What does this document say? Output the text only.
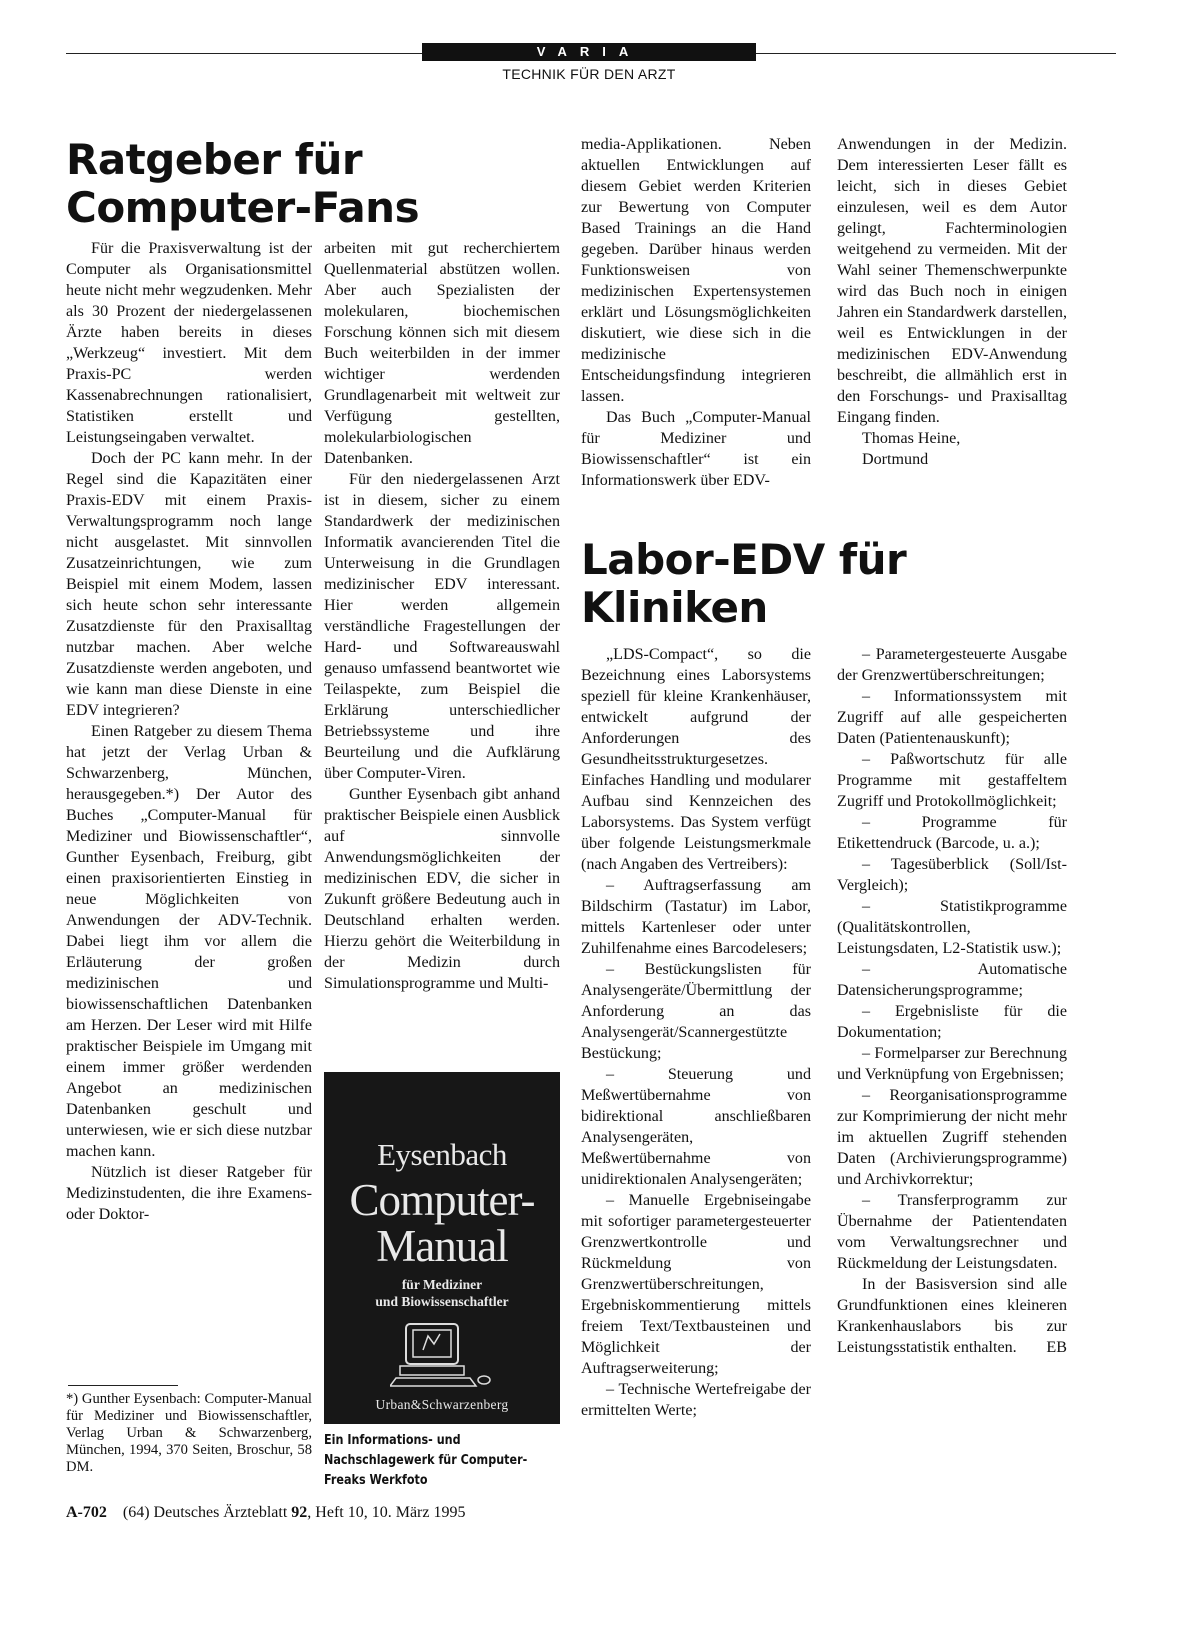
VARIA
TECHNIK FÜR DEN ARZT
Ratgeber für
Computer-Fans

Für die Praxisverwaltung ist der Computer als Organisationsmittel heute nicht mehr wegzudenken. Mehr als 30 Prozent der niedergelassenen Ärzte haben bereits in dieses „Werkzeug“ investiert. Mit dem Praxis-PC werden Kassenabrechnungen rationalisiert, Statistiken erstellt und Leistungseingaben verwaltet.

Doch der PC kann mehr. In der Regel sind die Kapazitäten einer Praxis-EDV mit einem Praxis-Verwaltungsprogramm noch lange nicht ausgelastet. Mit sinnvollen Zusatzeinrichtungen, wie zum Beispiel mit einem Modem, lassen sich heute schon sehr interessante Zusatzdienste für den Praxisalltag nutzbar machen. Aber welche Zusatzdienste werden angeboten, und wie kann man diese Dienste in eine EDV integrieren?

Einen Ratgeber zu diesem Thema hat jetzt der Verlag Urban & Schwarzenberg, München, herausgegeben.*) Der Autor des Buches „Computer-Manual für Mediziner und Biowissenschaftler“, Gunther Eysenbach, Freiburg, gibt einen praxisorientierten Einstieg in neue Möglichkeiten von Anwendungen der ADV-Technik. Dabei liegt ihm vor allem die Erläuterung der großen medizinischen und biowissenschaftlichen Datenbanken am Herzen. Der Leser wird mit Hilfe praktischer Beispiele im Umgang mit einem immer größer werdenden Angebot an medizinischen Datenbanken geschult und unterwiesen, wie er sich diese nutzbar machen kann.

Nützlich ist dieser Ratgeber für Medizinstudenten, die ihre Examens- oder Doktor-

arbeiten mit gut recherchiertem Quellenmaterial abstützen wollen. Aber auch Spezialisten der molekularen, biochemischen Forschung können sich mit diesem Buch weiterbilden in der immer wichtiger werdenden Grundlagenarbeit mit weltweit zur Verfügung gestellten, molekularbiologischen Datenbanken.

Für den niedergelassenen Arzt ist in diesem, sicher zu einem Standardwerk der medizinischen Informatik avancierenden Titel die Unterweisung in die Grundlagen medizinischer EDV interessant. Hier werden allgemein verständliche Fragestellungen der Hard- und Softwareauswahl genauso umfassend beantwortet wie Teilaspekte, zum Beispiel die Erklärung unterschiedlicher Betriebssysteme und ihre Beurteilung und die Aufklärung über Computer-Viren.

Gunther Eysenbach gibt anhand praktischer Beispiele einen Ausblick auf sinnvolle Anwendungsmöglichkeiten der medizinischen EDV, die sicher in Zukunft größere Bedeutung auch in Deutschland erhalten werden. Hierzu gehört die Weiterbildung in der Medizin durch Simulationsprogramme und Multi-

media-Applikationen. Neben aktuellen Entwicklungen auf diesem Gebiet werden Kriterien zur Bewertung von Computer Based Trainings an die Hand gegeben. Darüber hinaus werden Funktionsweisen von medizinischen Expertensystemen erklärt und Lösungsmöglichkeiten diskutiert, wie diese sich in die medizinische Entscheidungsfindung integrieren lassen.

Das Buch „Computer-Manual für Mediziner und Biowissenschaftler“ ist ein Informationswerk über EDV-

Anwendungen in der Medizin. Dem interessierten Leser fällt es leicht, sich in dieses Gebiet einzulesen, weil es dem Autor gelingt, Fachterminologien weitgehend zu vermeiden. Mit der Wahl seiner Themenschwerpunkte wird das Buch noch in einigen Jahren ein Standardwerk darstellen, weil es Entwicklungen in der medizinischen EDV-Anwendung beschreibt, die allmählich erst in den Forschungs- und Praxisalltag Eingang finden.

Thomas Heine,

Dortmund

*) Gunther Eysenbach: Computer-Manual für Mediziner und Biowissenschaftler, Verlag Urban & Schwarzenberg, München, 1994, 370 Seiten, Broschur, 58 DM.
Eysenbach
Computer-
Manual
für Mediziner
und Biowissenschaftler
Urban&Schwarzenberg
Ein Informations- und Nachschlagewerk für Computer-Freaks Werkfoto
Labor-EDV für
Kliniken

„LDS-Compact“, so die Bezeichnung eines Laborsystems speziell für kleine Krankenhäuser, entwickelt aufgrund der Anforderungen des Gesundheitsstrukturgesetzes. Einfaches Handling und modularer Aufbau sind Kennzeichen des Laborsystems. Das System verfügt über folgende Leistungsmerkmale (nach Angaben des Vertreibers):

– Auftragserfassung am Bildschirm (Tastatur) im Labor, mittels Kartenleser oder unter Zuhilfenahme eines Barcodelesers;

– Bestückungslisten für Analysengeräte/Übermittlung der Anforderung an das Analysengerät/Scannergestützte Bestückung;

– Steuerung und Meßwertübernahme von bidirektional anschließbaren Analysengeräten, Meßwertübernahme von unidirektionalen Analysengeräten;

– Manuelle Ergebniseingabe mit sofortiger parametergesteuerter Grenzwertkontrolle und Rückmeldung von Grenzwertüberschreitungen, Ergebniskommentierung mittels freiem Text/Textbausteinen und Möglichkeit der Auftragserweiterung;

– Technische Wertefreigabe der ermittelten Werte;

– Parametergesteuerte Ausgabe der Grenzwertüberschreitungen;

– Informationssystem mit Zugriff auf alle gespeicherten Daten (Patientenauskunft);

– Paßwortschutz für alle Programme mit gestaffeltem Zugriff und Protokollmöglichkeit;

– Programme für Etikettendruck (Barcode, u. a.);

– Tagesüberblick (Soll/Ist-Vergleich);

– Statistikprogramme (Qualitätskontrollen, Leistungsdaten, L2-Statistik usw.);

– Automatische Datensicherungsprogramme;

– Ergebnisliste für die Dokumentation;

– Formelparser zur Berechnung und Verknüpfung von Ergebnissen;

– Reorganisationsprogramme zur Komprimierung der nicht mehr im aktuellen Zugriff stehenden Daten (Archivierungsprogramme) und Archivkorrektur;

– Transferprogramm zur Übernahme der Patientendaten vom Verwaltungsrechner und Rückmeldung der Leistungsdaten.

In der Basisversion sind alle Grundfunktionen eines kleineren Krankenhauslabors bis zur Leistungsstatistik enthalten.	EB

A-702 (64) Deutsches Ärzteblatt 92, Heft 10, 10. März 1995
